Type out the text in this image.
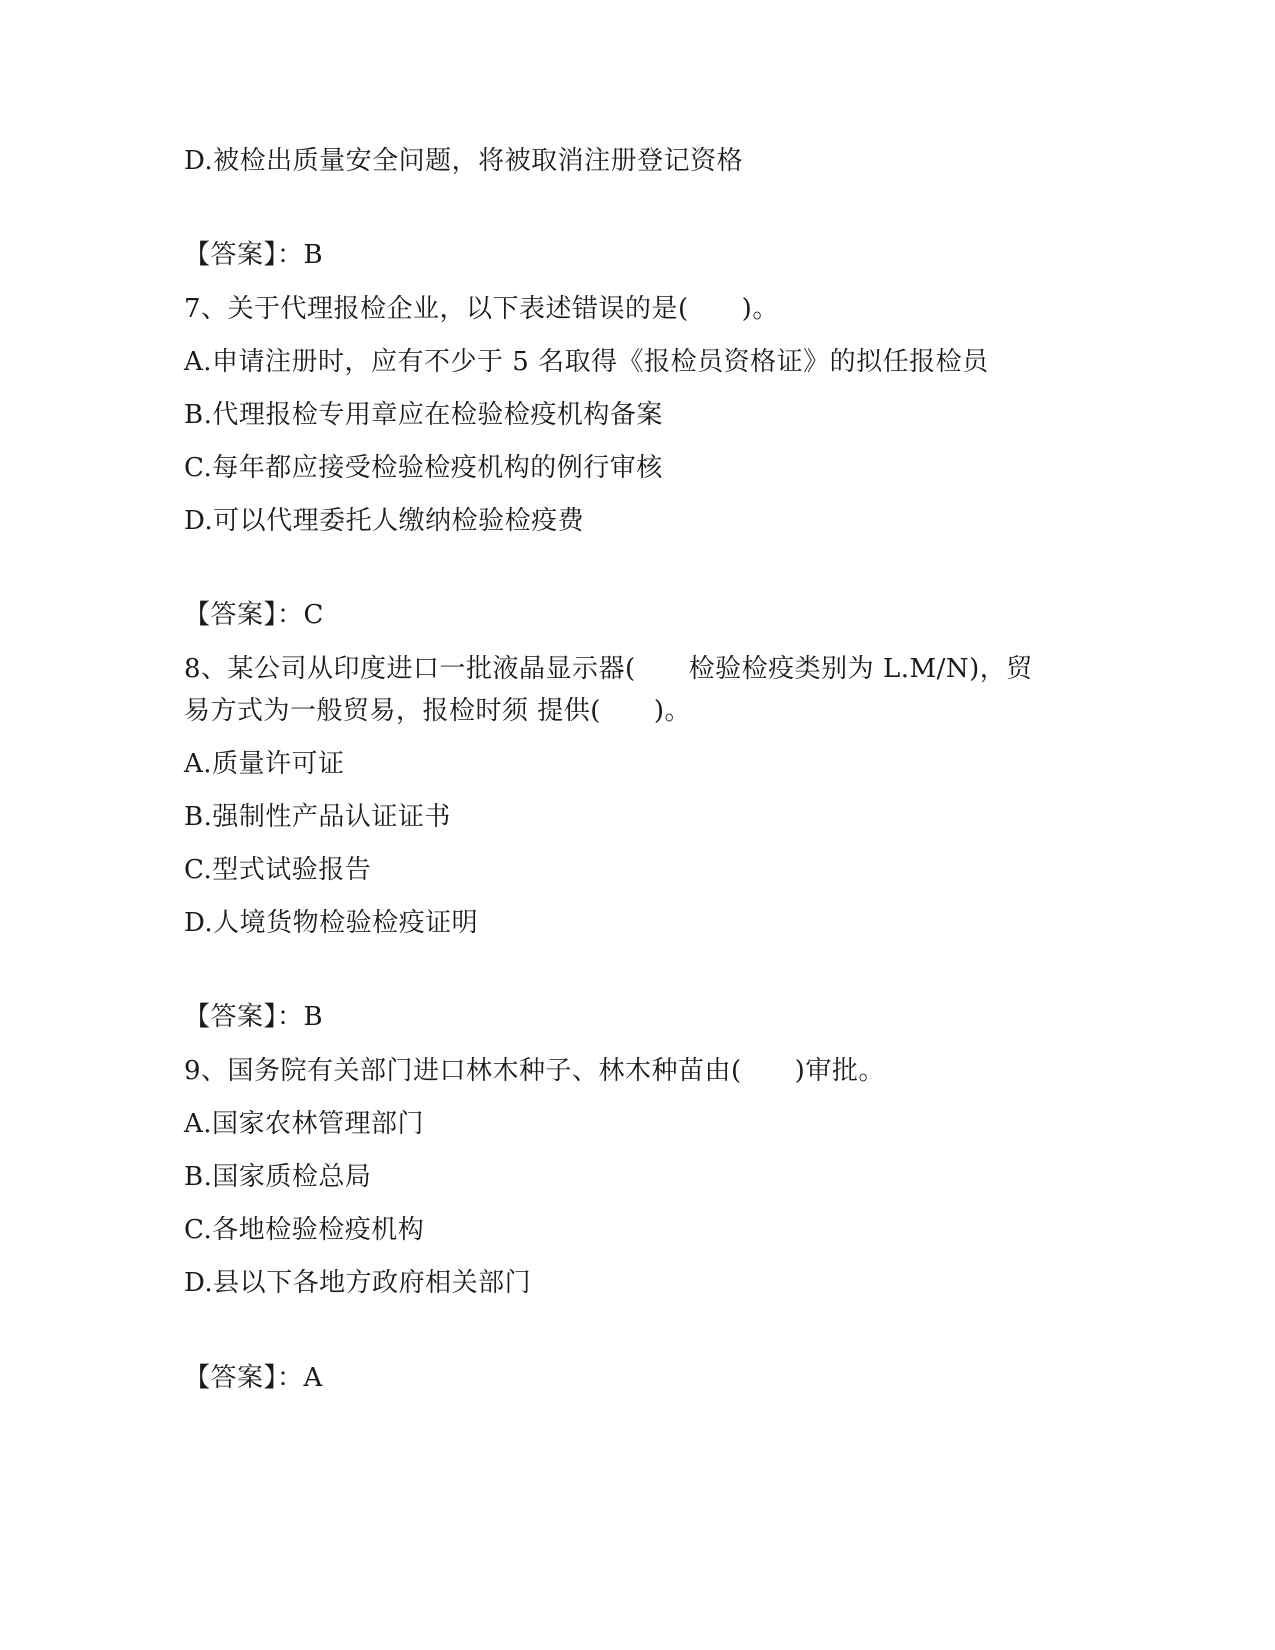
D.被检出质量安全问题，将被取消注册登记资格
【答案】：B
7、关于代理报检企业，以下表述错误的是(　　)。
A.申请注册时，应有不少于 5 名取得《报检员资格证》的拟任报检员
B.代理报检专用章应在检验检疫机构备案
C.每年都应接受检验检疫机构的例行审核
D.可以代理委托人缴纳检验检疫费
【答案】：C
8、某公司从印度进口一批液晶显示器(　　检验检疫类别为 L.M/N)，贸
易方式为一般贸易，报检时须 提供(　　)。
A.质量许可证
B.强制性产品认证证书
C.型式试验报告
D.人境货物检验检疫证明
【答案】：B
9、国务院有关部门进口林木种子、林木种苗由(　　)审批。
A.国家农林管理部门
B.国家质检总局
C.各地检验检疫机构
D.县以下各地方政府相关部门
【答案】：A
